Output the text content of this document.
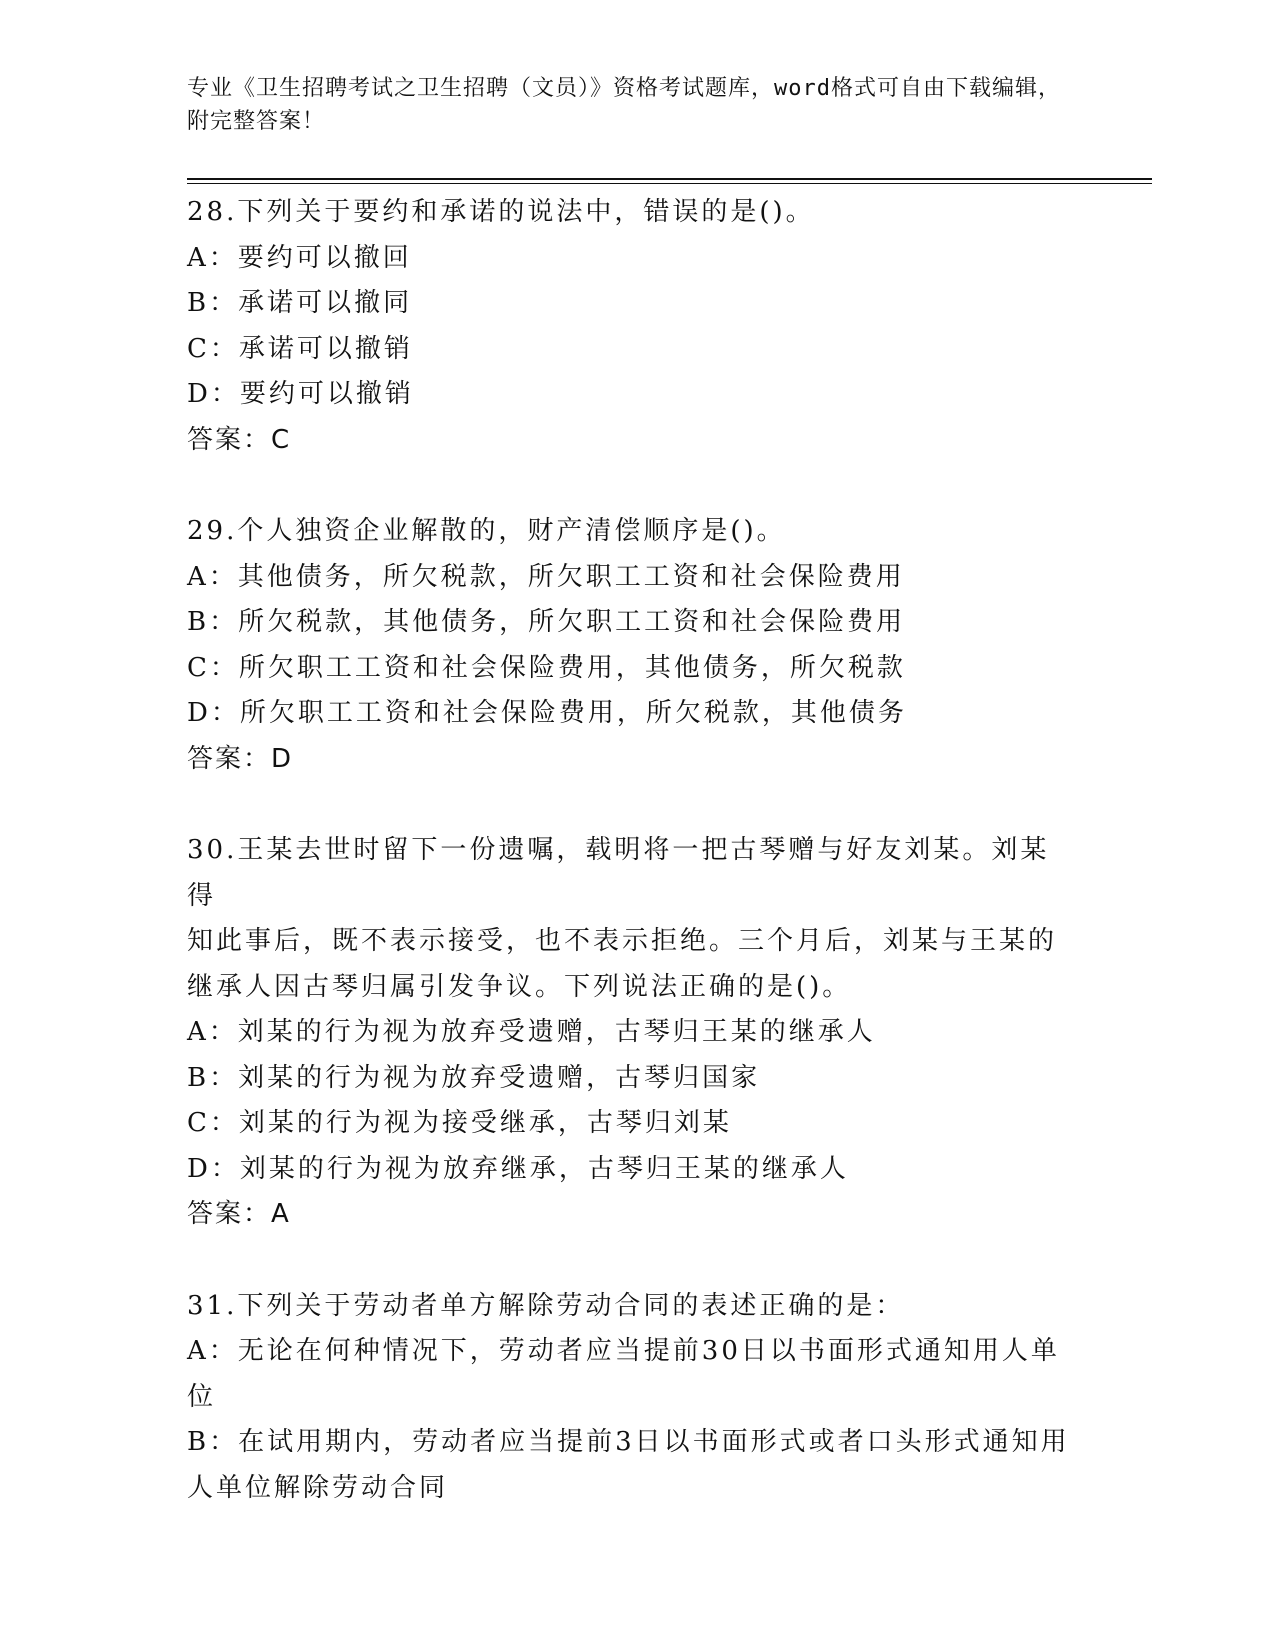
专业《卫生招聘考试之卫生招聘（文员）》资格考试题库，word格式可自由下载编辑，附完整答案！
28.下列关于要约和承诺的说法中，错误的是()。
A：要约可以撤回
B：承诺可以撤同
C：承诺可以撤销
D：要约可以撤销
答案：C
29.个人独资企业解散的，财产清偿顺序是()。
A：其他债务，所欠税款，所欠职工工资和社会保险费用
B：所欠税款，其他债务，所欠职工工资和社会保险费用
C：所欠职工工资和社会保险费用，其他债务，所欠税款
D：所欠职工工资和社会保险费用，所欠税款，其他债务
答案：D
30.王某去世时留下一份遗嘱，载明将一把古琴赠与好友刘某。刘某得
知此事后，既不表示接受，也不表示拒绝。三个月后，刘某与王某的
继承人因古琴归属引发争议。下列说法正确的是()。
A：刘某的行为视为放弃受遗赠，古琴归王某的继承人
B：刘某的行为视为放弃受遗赠，古琴归国家
C：刘某的行为视为接受继承，古琴归刘某
D：刘某的行为视为放弃继承，古琴归王某的继承人
答案：A
31.下列关于劳动者单方解除劳动合同的表述正确的是：
A：无论在何种情况下，劳动者应当提前30日以书面形式通知用人单
位
B：在试用期内，劳动者应当提前3日以书面形式或者口头形式通知用
人单位解除劳动合同
